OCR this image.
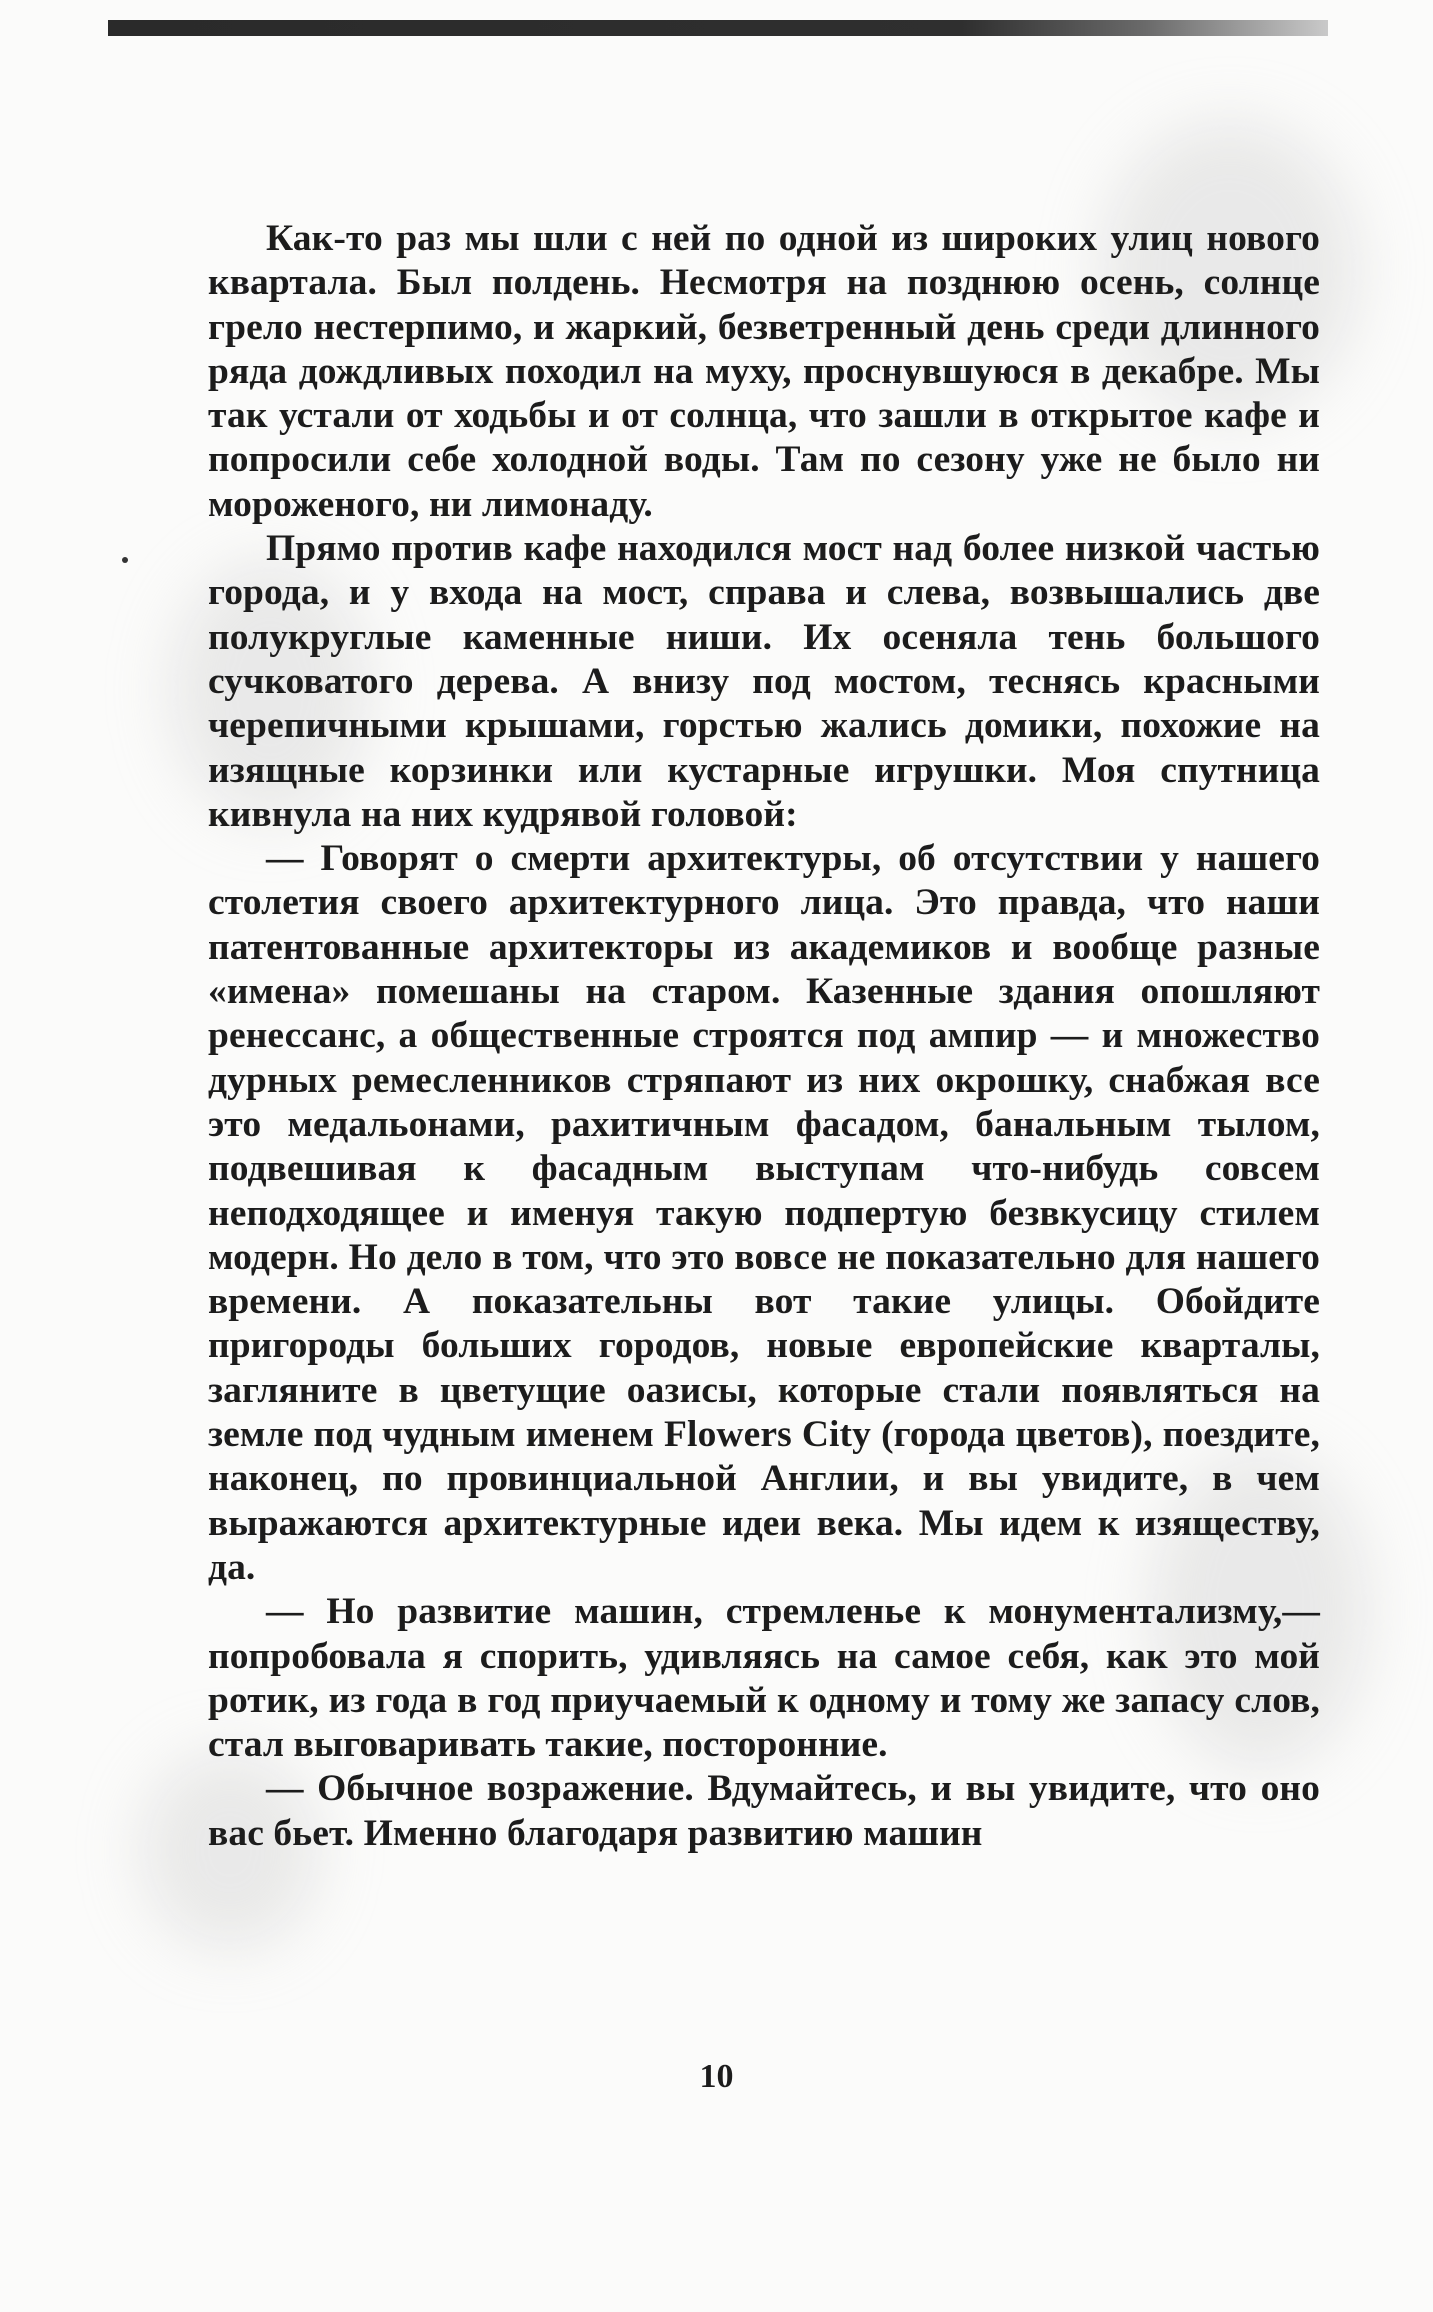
Как-то раз мы шли с ней по одной из широких улиц нового квартала. Был полдень. Несмотря на позднюю осень, солнце грело нестерпимо, и жаркий, безветренный день среди длинного ряда дождливых походил на муху, проснувшуюся в декабре. Мы так устали от ходьбы и от солнца, что зашли в открытое кафе и попросили себе холодной воды. Там по сезону уже не было ни мороженого, ни лимонаду.

Прямо против кафе находился мост над более низкой частью города, и у входа на мост, справа и слева, возвышались две полукруглые каменные ниши. Их осеняла тень большого сучковатого дерева. А внизу под мостом, теснясь красными черепичными крышами, горстью жались домики, похожие на изящные корзинки или кустарные игрушки. Моя спутница кивнула на них кудрявой головой:

— Говорят о смерти архитектуры, об отсутствии у нашего столетия своего архитектурного лица. Это правда, что наши патентованные архитекторы из академиков и вообще разные «имена» помешаны на старом. Казенные здания опошляют ренессанс, а общественные строятся под ампир — и множество дурных ремесленников стряпают из них окрошку, снабжая все это медальонами, рахитичным фасадом, банальным тылом, подвешивая к фасадным выступам что-нибудь совсем неподходящее и именуя такую подпертую безвкусицу стилем модерн. Но дело в том, что это вовсе не показательно для нашего времени. А показательны вот такие улицы. Обойдите пригороды больших городов, новые европейские кварталы, загляните в цветущие оазисы, которые стали появляться на земле под чудным именем Flowers City (города цветов), поездите, наконец, по провинциальной Англии, и вы увидите, в чем выражаются архитектурные идеи века. Мы идем к изяществу, да.

— Но развитие машин, стремленье к монументализму,— попробовала я спорить, удивляясь на самое себя, как это мой ротик, из года в год приучаемый к одному и тому же запасу слов, стал выговаривать такие, посторонние.

— Обычное возражение. Вдумайтесь, и вы увидите, что оно вас бьет. Именно благодаря развитию машин

10
